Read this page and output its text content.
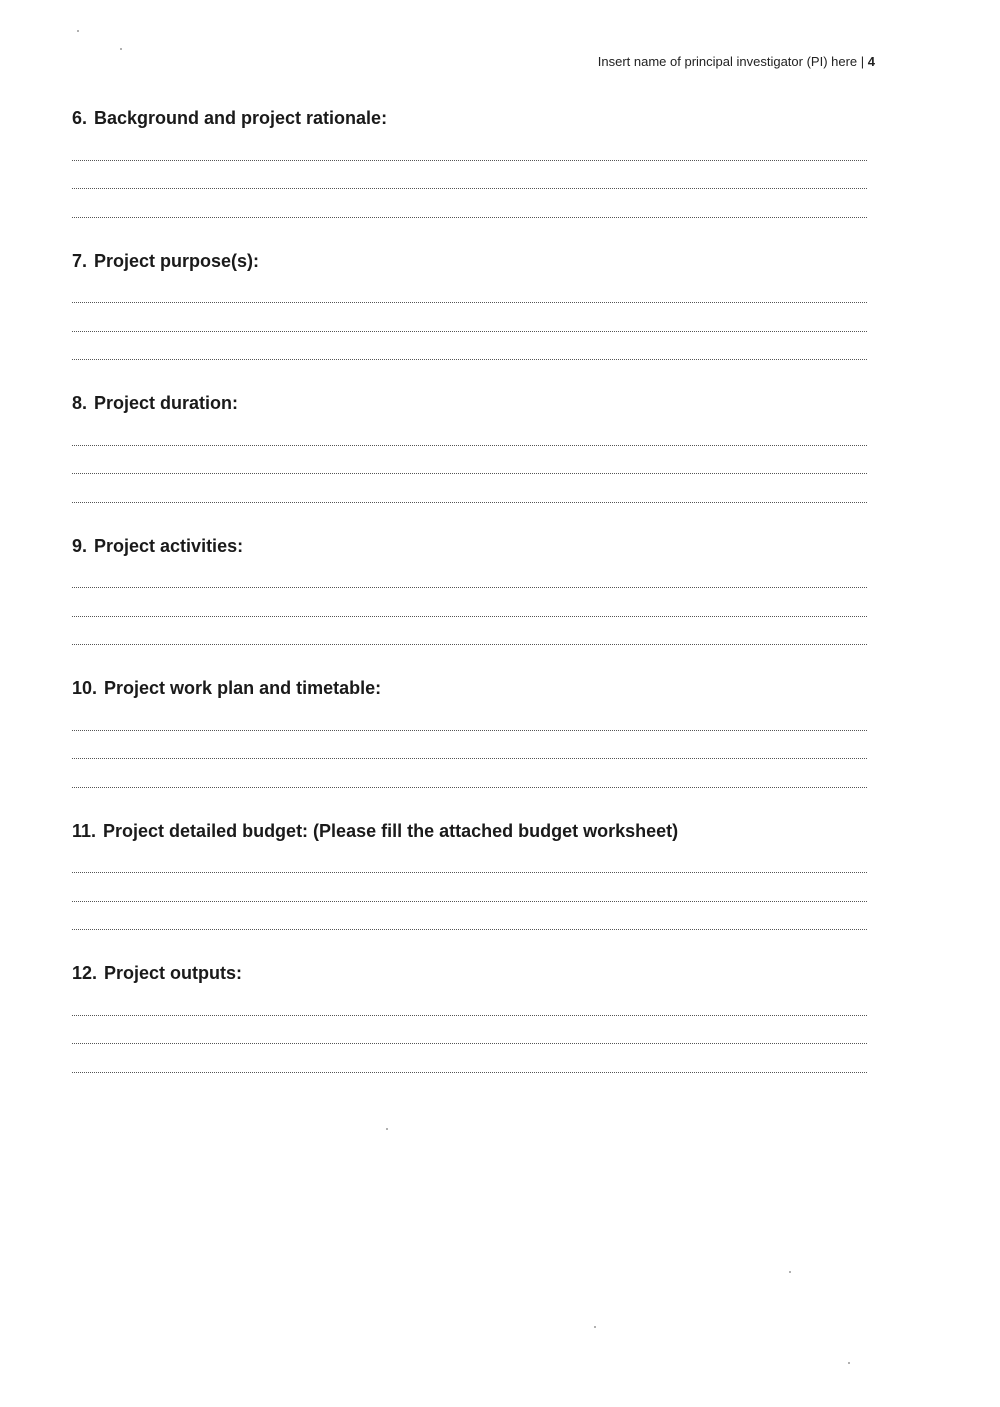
Insert name of principal investigator (PI) here | 4
6. Background and project rationale:
7. Project purpose(s):
8. Project duration:
9. Project activities:
10. Project work plan and timetable:
11. Project detailed budget: (Please fill the attached budget worksheet)
12. Project outputs:
